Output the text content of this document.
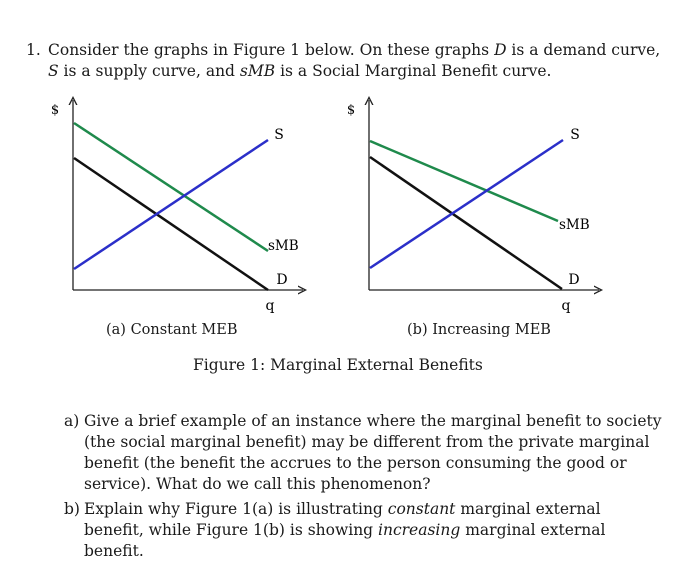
1. Consider the graphs in Figure 1 below. On these graphs D is a demand curve, S is a supply curve, and sMB is a Social Marginal Benefit curve.
$
S
sMB
D
q
(a) Constant MEB
$
S
sMB
D
q
(b) Increasing MEB
Figure 1: Marginal External Benefits
a) Give a brief example of an instance where the marginal benefit to society (the social marginal benefit) may be different from the private marginal benefit (the benefit the accrues to the person consuming the good or service). What do we call this phenomenon?
b) Explain why Figure 1(a) is illustrating constant marginal external benefit, while Figure 1(b) is showing increasing marginal external benefit.
